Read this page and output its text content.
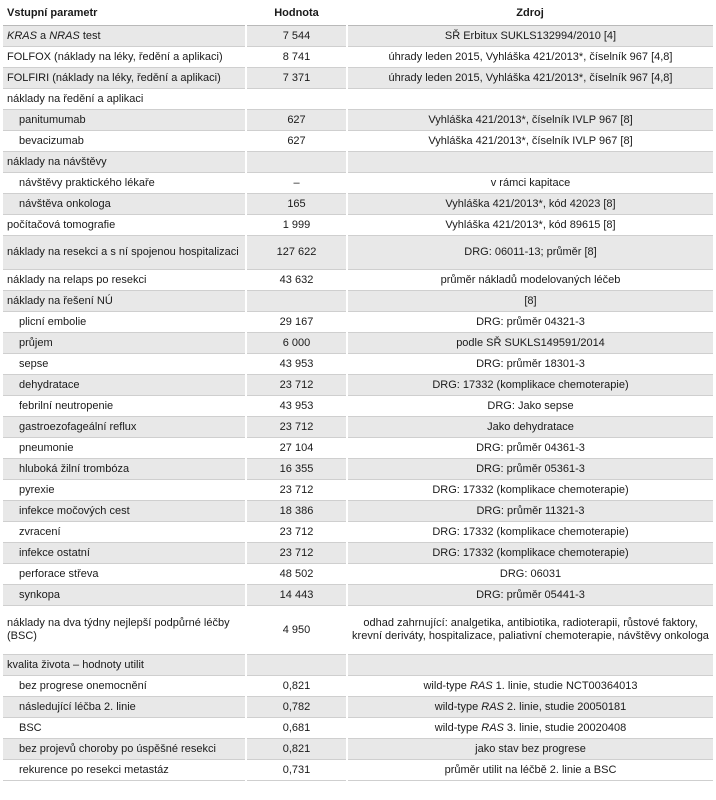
Vstupní parametr	Hodnota	Zdroj
KRAS a NRAS test	7 544	SŘ Erbitux SUKLS132994/2010 [4]
FOLFOX (náklady na léky, ředění a aplikaci)	8 741	úhrady leden 2015, Vyhláška 421/2013*, číselník 967 [4,8]
FOLFIRI (náklady na léky, ředění a aplikaci)	7 371	úhrady leden 2015, Vyhláška 421/2013*, číselník 967 [4,8]
náklady na ředění a aplikaci		
panitumumab	627	Vyhláška 421/2013*, číselník IVLP 967 [8]
bevacizumab	627	Vyhláška 421/2013*, číselník IVLP 967 [8]
náklady na návštěvy		
návštěvy praktického lékaře	–	v rámci kapitace
návštěva onkologa	165	Vyhláška 421/2013*, kód 42023 [8]
počítačová tomografie	1 999	Vyhláška 421/2013*, kód 89615 [8]
náklady na resekci a s ní spojenou hospitalizaci	127 622	DRG: 06011-13; průměr [8]
náklady na relaps po resekci	43 632	průměr nákladů modelovaných léčeb
náklady na řešení NÚ		[8]
plicní embolie	29 167	DRG: průměr 04321-3
průjem	6 000	podle SŘ SUKLS149591/2014
sepse	43 953	DRG: průměr 18301-3
dehydratace	23 712	DRG: 17332 (komplikace chemoterapie)
febrilní neutropenie	43 953	DRG: Jako sepse
gastroezofageální reflux	23 712	Jako dehydratace
pneumonie	27 104	DRG: průměr 04361-3
hluboká žilní trombóza	16 355	DRG: průměr 05361-3
pyrexie	23 712	DRG: 17332 (komplikace chemoterapie)
infekce močových cest	18 386	DRG: průměr 11321-3
zvracení	23 712	DRG: 17332 (komplikace chemoterapie)
infekce ostatní	23 712	DRG: 17332 (komplikace chemoterapie)
perforace střeva	48 502	DRG: 06031
synkopa	14 443	DRG: průměr 05441-3
náklady na dva týdny nejlepší podpůrné léčby (BSC)	4 950	odhad zahrnující: analgetika, antibiotika, radioterapii, růstové faktory, krevní deriváty, hospitalizace, paliativní chemoterapie, návštěvy onkologa
kvalita života – hodnoty utilit		
bez progrese onemocnění	0,821	wild-type RAS 1. linie, studie NCT00364013
následující léčba 2. linie	0,782	wild-type RAS 2. linie, studie 20050181
BSC	0,681	wild-type RAS 3. linie, studie 20020408
bez projevů choroby po úspěšné resekci	0,821	jako stav bez progrese
rekurence po resekci metastáz	0,731	průměr utilit na léčbě 2. linie a BSC
